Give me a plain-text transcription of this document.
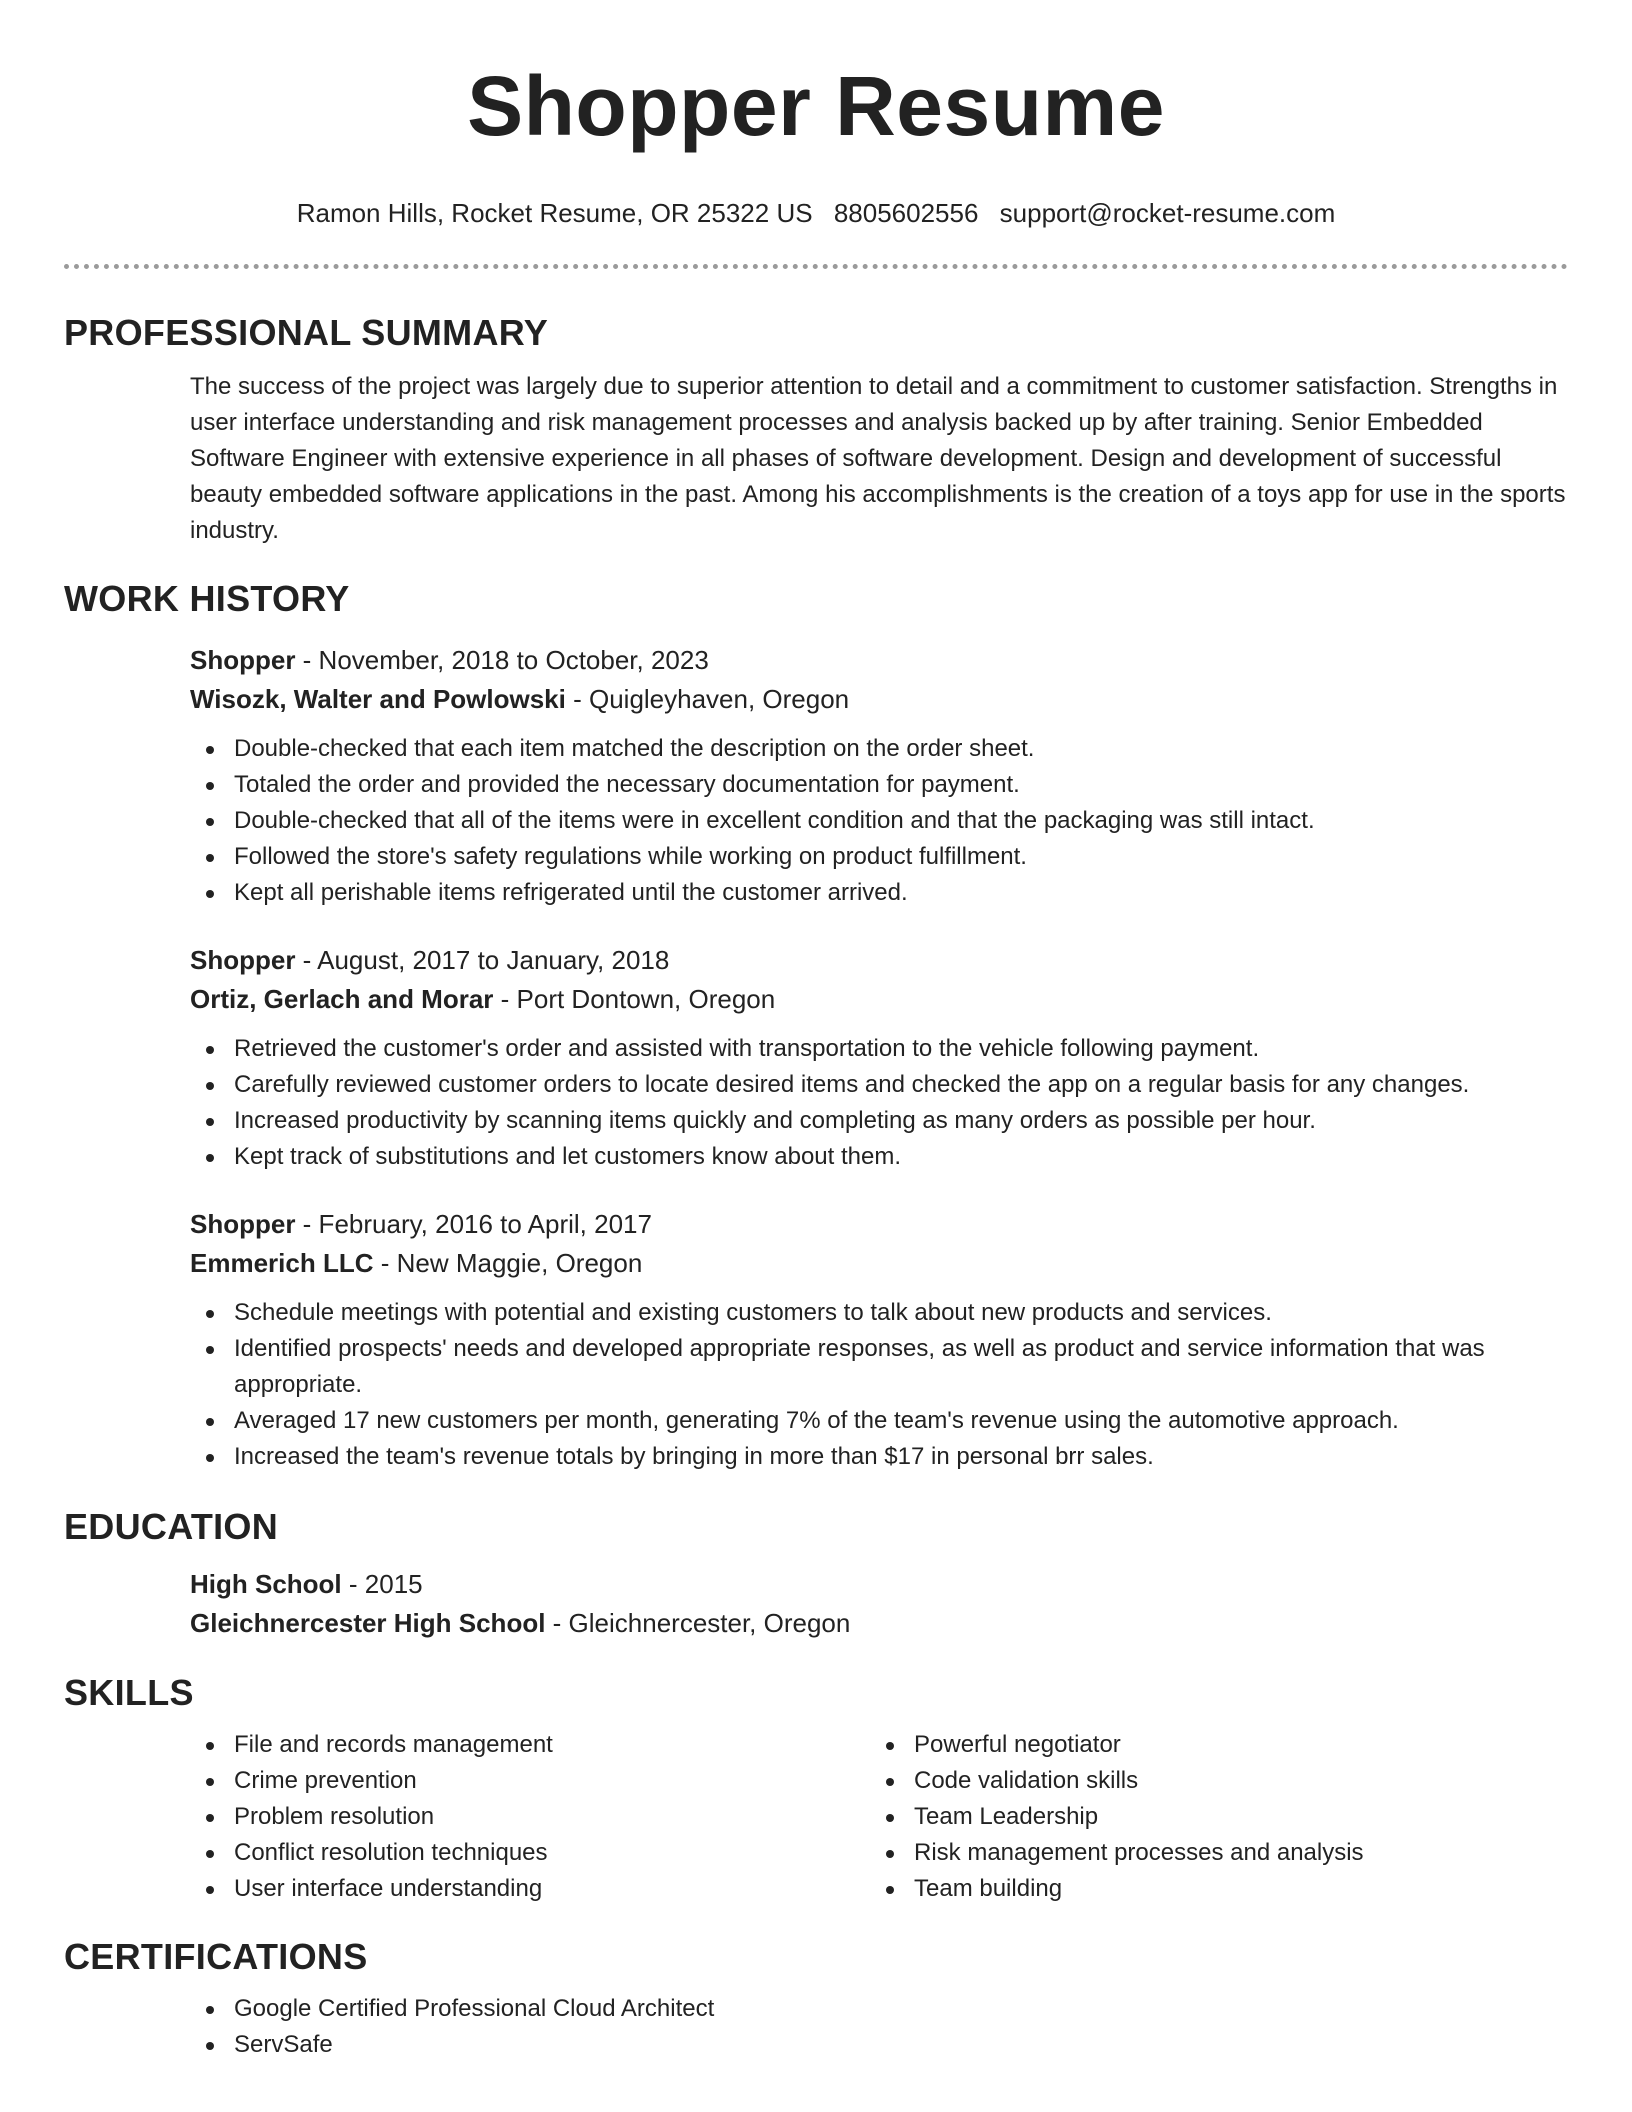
Shopper Resume
Ramon Hills, Rocket Resume, OR 25322 US 8805602556 support@rocket-resume.com
PROFESSIONAL SUMMARY

The success of the project was largely due to superior attention to detail and a commitment to customer satisfaction. Strengths in user interface understanding and risk management processes and analysis backed up by after training. Senior Embedded Software Engineer with extensive experience in all phases of software development. Design and development of successful beauty embedded software applications in the past. Among his accomplishments is the creation of a toys app for use in the sports industry.

WORK HISTORY
Shopper - November, 2018 to October, 2023
Wisozk, Walter and Powlowski - Quigleyhaven, Oregon
Double-checked that each item matched the description on the order sheet.
Totaled the order and provided the necessary documentation for payment.
Double-checked that all of the items were in excellent condition and that the packaging was still intact.
Followed the store's safety regulations while working on product fulfillment.
Kept all perishable items refrigerated until the customer arrived.
Shopper - August, 2017 to January, 2018
Ortiz, Gerlach and Morar - Port Dontown, Oregon
Retrieved the customer's order and assisted with transportation to the vehicle following payment.
Carefully reviewed customer orders to locate desired items and checked the app on a regular basis for any changes.
Increased productivity by scanning items quickly and completing as many orders as possible per hour.
Kept track of substitutions and let customers know about them.
Shopper - February, 2016 to April, 2017
Emmerich LLC - New Maggie, Oregon
Schedule meetings with potential and existing customers to talk about new products and services.
Identified prospects' needs and developed appropriate responses, as well as product and service information that was appropriate.
Averaged 17 new customers per month, generating 7% of the team's revenue using the automotive approach.
Increased the team's revenue totals by bringing in more than $17 in personal brr sales.
EDUCATION
High School - 2015
Gleichnercester High School - Gleichnercester, Oregon
SKILLS
File and records management
Crime prevention
Problem resolution
Conflict resolution techniques
User interface understanding
Powerful negotiator
Code validation skills
Team Leadership
Risk management processes and analysis
Team building
CERTIFICATIONS
Google Certified Professional Cloud Architect
ServSafe
